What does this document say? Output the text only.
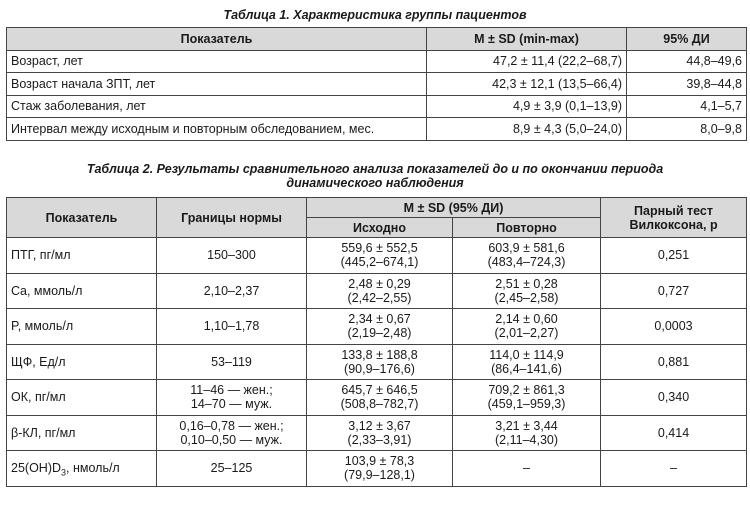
Таблица 1. Характеристика группы пациентов
Показатель	M ± SD (min-max)	95% ДИ
Возраст, лет	47,2 ± 11,4 (22,2–68,7)	44,8–49,6
Возраст начала ЗПТ, лет	42,3 ± 12,1 (13,5–66,4)	39,8–44,8
Стаж заболевания, лет	4,9 ± 3,9 (0,1–13,9)	4,1–5,7
Интервал между исходным и повторным обследованием, мес.	8,9 ± 4,3 (5,0–24,0)	8,0–9,8
Таблица 2. Результаты сравнительного анализа показателей до и по окончании периода
динамического наблюдения
Показатель	Границы нормы	M ± SD (95% ДИ)		Парный тест
Вилкоксона, p

		Исходно	Повторно	
ПТГ, пг/мл	150–300	559,6 ± 552,5
(445,2–674,1)	603,9 ± 581,6
(483,4–724,3)	0,251
Ca, ммоль/л	2,10–2,37	2,48 ± 0,29
(2,42–2,55)	2,51 ± 0,28
(2,45–2,58)	0,727
P, ммоль/л	1,10–1,78	2,34 ± 0,67
(2,19–2,48)	2,14 ± 0,60
(2,01–2,27)	0,0003
ЩФ, Ед/л	53–119	133,8 ± 188,8
(90,9–176,6)	114,0 ± 114,9
(86,4–141,6)	0,881
ОК, пг/мл	11–46 — жен.;
14–70 — муж.	645,7 ± 646,5
(508,8–782,7)	709,2 ± 861,3
(459,1–959,3)	0,340
β-КЛ, пг/мл	0,16–0,78 — жен.;
0,10–0,50 — муж.	3,12 ± 3,67
(2,33–3,91)	3,21 ± 3,44
(2,11–4,30)	0,414
$25(OH)D_3$, нмоль/л	25–125	103,9 ± 78,3
(79,9–128,1)	–	–
